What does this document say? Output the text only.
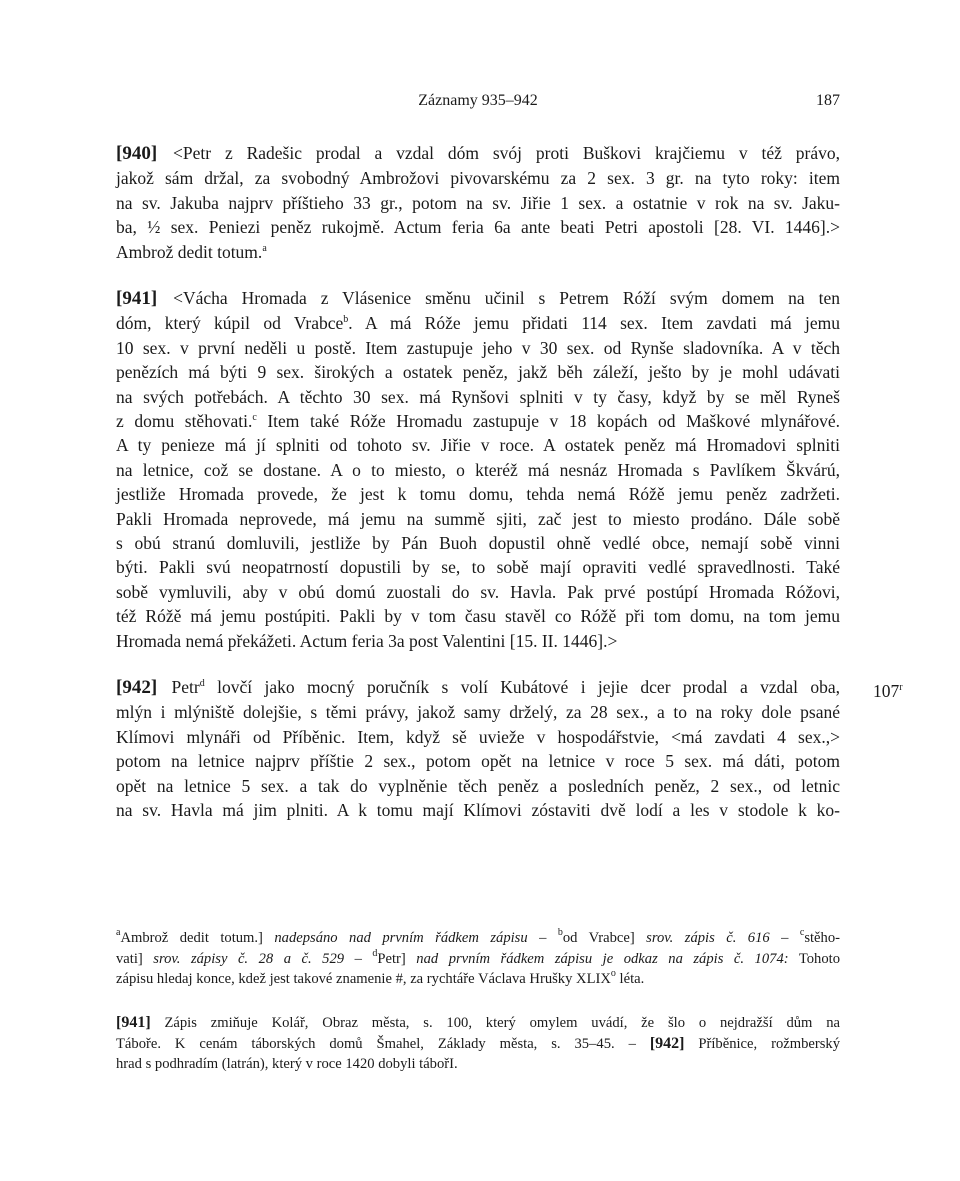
Záznamy 935–942	187
[940] <Petr z Radešic prodal a vzdal dóm svój proti Buškovi krajčiemu v též právo,
jakož sám držal, za svobodný Ambrožovi pivovarskému za 2 sex. 3 gr. na tyto roky: item
na sv. Jakuba najprv příštieho 33 gr., potom na sv. Jiřie 1 sex. a ostatnie v rok na sv. Jaku-
ba, ½ sex. Peniezi peněz rukojmě. Actum feria 6a ante beati Petri apostoli [28. VI. 1446].>
Ambrož dedit totum.$^a$
[941] <Vácha Hromada z Vlásenice směnu učinil s Petrem Róží svým domem na ten
dóm, který kúpil od Vrabce$^b$. A má Róže jemu přidati 114 sex. Item zavdati má jemu
10 sex. v první neděli u postě. Item zastupuje jeho v 30 sex. od Rynše sladovníka. A v těch
penězích má býti 9 sex. širokých a ostatek peněz, jakž běh záleží, ješto by je mohl udávati
na svých potřebách. A těchto 30 sex. má Rynšovi splniti v ty časy, když by se měl Ryneš
z domu stěhovati.$^c$ Item také Róže Hromadu zastupuje v 18 kopách od Maškové mlynářové.
A ty penieze má jí splniti od tohoto sv. Jiřie v roce. A ostatek peněz má Hromadovi splniti
na letnice, což se dostane. A o to miesto, o kteréž má nesnáz Hromada s Pavlíkem Škvárú,
jestliže Hromada provede, že jest k tomu domu, tehda nemá Róžě jemu peněz zadržeti.
Pakli Hromada neprovede, má jemu na summě sjiti, zač jest to miesto prodáno. Dále sobě
s obú stranú domluvili, jestliže by Pán Buoh dopustil ohně vedlé obce, nemají sobě vinni
býti. Pakli svú neopatrností dopustili by se, to sobě mají opraviti vedlé spravedlnosti. Také
sobě vymluvili, aby v obú domú zuostali do sv. Havla. Pak prvé postúpí Hromada Róžovi,
též Róžě má jemu postúpiti. Pakli by v tom času stavěl co Róžě při tom domu, na tom jemu
Hromada nemá překážeti. Actum feria 3a post Valentini [15. II. 1446].>
[942] Petr$^d$ lovčí jako mocný poručník s volí Kubátové i jejie dcer prodal a vzdal oba,
mlýn i mlýniště dolejšie, s těmi právy, jakož samy drželý, za 28 sex., a to na roky dole psané
Klímovi mlynáři od Příběnic. Item, když sě uvieže v hospodářstvie, <má zavdati 4 sex.,>
potom na letnice najprv příštie 2 sex., potom opět na letnice v roce 5 sex. má dáti, potom
opět na letnice 5 sex. a tak do vyplněnie těch peněz a posledních peněz, 2 sex., od letnic
na sv. Havla má jim plniti. A k tomu mají Klímovi zóstaviti dvě lodí a les v stodole k ko-
107$^r$
$^a$Ambrož dedit totum.] nadepsáno nad prvním řádkem zápisu – $^b$od Vrabce] srov. zápis č. 616 – $^c$stěho-
vati] srov. zápisy č. 28 a č. 529 – $^d$Petr] nad prvním řádkem zápisu je odkaz na zápis č. 1074: Tohoto
zápisu hledaj konce, kdež jest takové znamenie #, za rychtáře Václava Hrušky XLIX$^o$ léta.
[941] Zápis zmiňuje Kolář, Obraz města, s. 100, který omylem uvádí, že šlo o nejdražší dům na
Táboře. K cenám táborských domů Šmahel, Základy města, s. 35–45. – [942] Příběnice, rožmberský
hrad s podhradím (latrán), který v roce 1420 dobyli tábořI.
